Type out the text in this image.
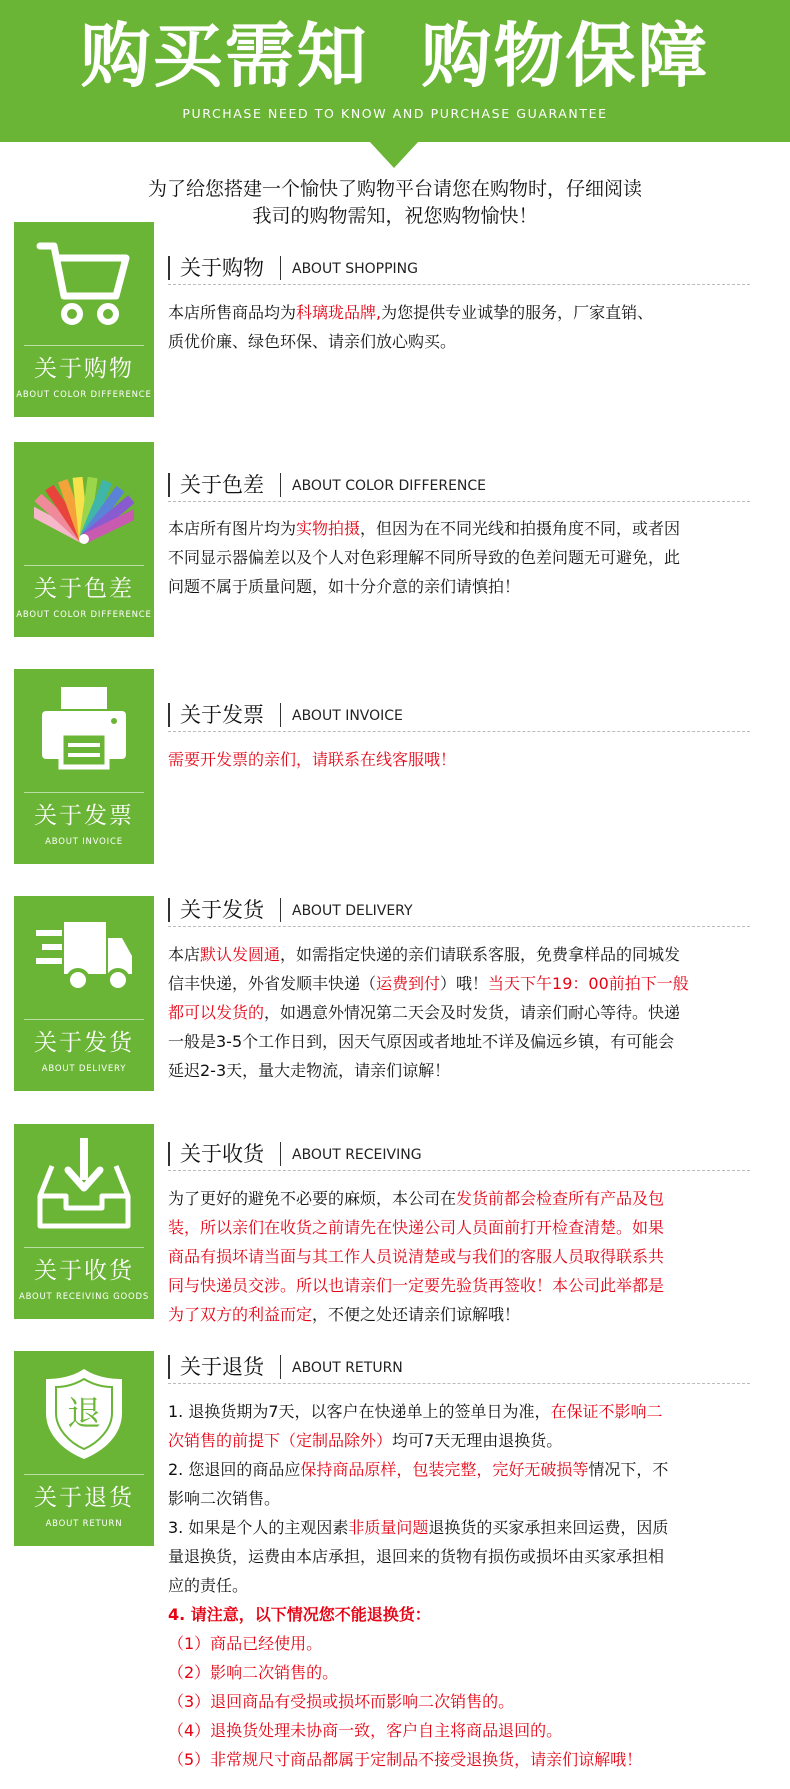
购买需知  购物保障
PURCHASE NEED TO KNOW AND PURCHASE GUARANTEE
为了给您搭建一个愉快了购物平台请您在购物时，仔细阅读
我司的购物需知，祝您购物愉快！
关于购物
ABOUT COLOR DIFFERENCE
关于购物 ABOUT SHOPPING

本店所售商品均为科璃珑品牌,为您提供专业诚挚的服务，厂家直销、

质优价廉、绿色环保、请亲们放心购买。

关于色差
ABOUT COLOR DIFFERENCE
关于色差 ABOUT COLOR DIFFERENCE

本店所有图片均为实物拍摄，但因为在不同光线和拍摄角度不同，或者因

不同显示器偏差以及个人对色彩理解不同所导致的色差问题无可避免，此

问题不属于质量问题，如十分介意的亲们请慎拍！

关于发票
ABOUT INVOICE
关于发票 ABOUT INVOICE

需要开发票的亲们，请联系在线客服哦！

关于发货
ABOUT DELIVERY
关于发货 ABOUT DELIVERY

本店默认发圆通，如需指定快递的亲们请联系客服，免费拿样品的同城发

信丰快递，外省发顺丰快递（运费到付）哦！当天下午19：00前拍下一般

都可以发货的，如遇意外情况第二天会及时发货，请亲们耐心等待。快递

一般是3-5个工作日到，因天气原因或者地址不详及偏远乡镇，有可能会

延迟2-3天，量大走物流，请亲们谅解！

关于收货
ABOUT RECEIVING GOODS
关于收货 ABOUT RECEIVING

为了更好的避免不必要的麻烦，本公司在发货前都会检查所有产品及包

装，所以亲们在收货之前请先在快递公司人员面前打开检查清楚。如果

商品有损坏请当面与其工作人员说清楚或与我们的客服人员取得联系共

同与快递员交涉。所以也请亲们一定要先验货再签收！本公司此举都是

为了双方的利益而定，不便之处还请亲们谅解哦！

退
关于退货
ABOUT RETURN
关于退货 ABOUT RETURN

1. 退换货期为7天，以客户在快递单上的签单日为准，在保证不影响二

次销售的前提下（定制品除外）均可7天无理由退换货。

2. 您退回的商品应保持商品原样，包装完整，完好无破损等情况下，不

影响二次销售。

3. 如果是个人的主观因素非质量问题退换货的买家承担来回运费，因质

量退换货，运费由本店承担，退回来的货物有损伤或损坏由买家承担相

应的责任。

4. 请注意，以下情况您不能退换货：

（1）商品已经使用。

（2）影响二次销售的。

（3）退回商品有受损或损坏而影响二次销售的。

（4）退换货处理未协商一致，客户自主将商品退回的。

（5）非常规尺寸商品都属于定制品不接受退换货，请亲们谅解哦！
